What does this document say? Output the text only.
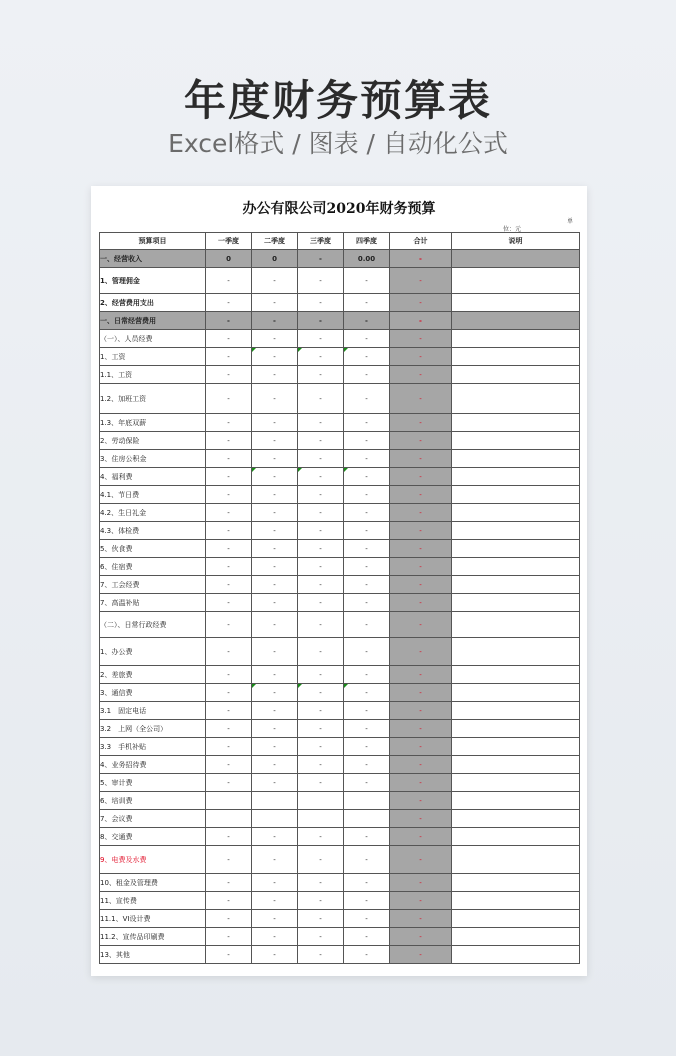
年度财务预算表
Excel格式 / 图表 / 自动化公式
办公有限公司2020年财务预算
单
位：元
预算项目	一季度	二季度	三季度	四季度	合计	说明
一、经营收入	0	0	-	0.00	-	
1、管理佣金	-	-	-	-	-	
2、经营费用支出	-	-	-	-	-	
一、日常经营费用	-	-	-	-	-	
（一）、人员经费	-	-	-	-	-	
1、工资	-	-	-	-	-	
1.1、工资	-	-	-	-	-	
1.2、加班工资	-	-	-	-	-	
1.3、年底双薪	-	-	-	-	-	
2、劳动保险	-	-	-	-	-	
3、住房公积金	-	-	-	-	-	
4、福利费	-	-	-	-	-	
4.1、节日费	-	-	-	-	-	
4.2、生日礼金	-	-	-	-	-	
4.3、体检费	-	-	-	-	-	
5、伙食费	-	-	-	-	-	
6、住宿费	-	-	-	-	-	
7、工会经费	-	-	-	-	-	
7、高温补贴	-	-	-	-	-	
（二）、日常行政经费	-	-	-	-	-	
1、办公费	-	-	-	-	-	
2、差旅费	-	-	-	-	-	
3、通信费	-	-	-	-	-	
3.1　固定电话	-	-	-	-	-	
3.2　上网（全公司）	-	-	-	-	-	
3.3　手机补贴	-	-	-	-	-	
4、业务招待费	-	-	-	-	-	
5、审计费	-	-	-	-	-	
6、培训费					-	
7、会议费					-	
8、交通费	-	-	-	-	-	
9、电费及水费	-	-	-	-	-	
10、租金及管理费	-	-	-	-	-	
11、宣传费	-	-	-	-	-	
11.1、VI设计费	-	-	-	-	-	
11.2、宣传品印刷费	-	-	-	-	-	
13、其他	-	-	-	-	-	
